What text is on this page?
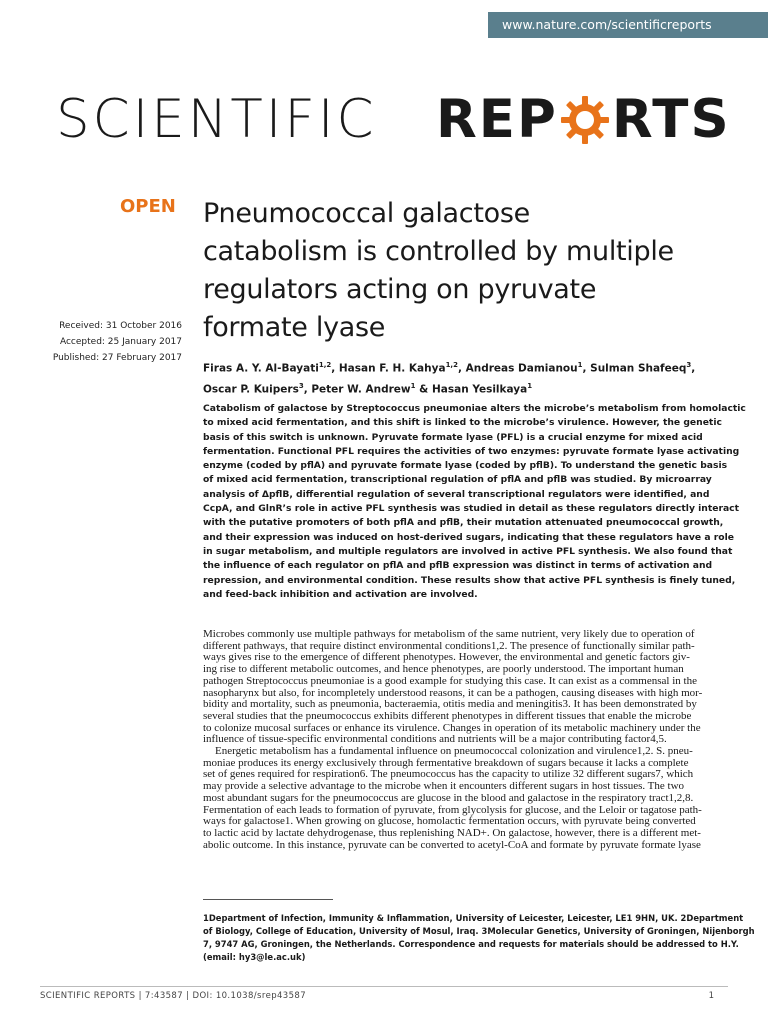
www.nature.com/scientificreports
SCIENTIFIC REP RTS
OPEN Pneumococcal galactose
catabolism is controlled by multiple
regulators acting on pyruvate
formate lyase
Received: 31 October 2016
Accepted: 25 January 2017
Published: 27 February 2017
Firas A. Y. Al-Bayati$^{1,2}$, Hasan F. H. Kahya$^{1,2}$, Andreas Damianou$^1$, Sulman Shafeeq$^3$,
Oscar P. Kuipers$^3$, Peter W. Andrew$^1$ & Hasan Yesilkaya$^1$
Catabolism of galactose by Streptococcus pneumoniae alters the microbe’s metabolism from homolactic
to mixed acid fermentation, and this shift is linked to the microbe’s virulence. However, the genetic
basis of this switch is unknown. Pyruvate formate lyase (PFL) is a crucial enzyme for mixed acid
fermentation. Functional PFL requires the activities of two enzymes: pyruvate formate lyase activating
enzyme (coded by pflA) and pyruvate formate lyase (coded by pflB). To understand the genetic basis
of mixed acid fermentation, transcriptional regulation of pflA and pflB was studied. By microarray
analysis of ΔpflB, differential regulation of several transcriptional regulators were identified, and
CcpA, and GlnR’s role in active PFL synthesis was studied in detail as these regulators directly interact
with the putative promoters of both pflA and pflB, their mutation attenuated pneumococcal growth,
and their expression was induced on host-derived sugars, indicating that these regulators have a role
in sugar metabolism, and multiple regulators are involved in active PFL synthesis. We also found that
the influence of each regulator on pflA and pflB expression was distinct in terms of activation and
repression, and environmental condition. These results show that active PFL synthesis is finely tuned,
and feed-back inhibition and activation are involved.
Microbes commonly use multiple pathways for metabolism of the same nutrient, very likely due to operation of
different pathways, that require distinct environmental conditions1,2. The presence of functionally similar path-
ways gives rise to the emergence of different phenotypes. However, the environmental and genetic factors giv-
ing rise to different metabolic outcomes, and hence phenotypes, are poorly understood. The important human
pathogen Streptococcus pneumoniae is a good example for studying this case. It can exist as a commensal in the
nasopharynx but also, for incompletely understood reasons, it can be a pathogen, causing diseases with high mor-
bidity and mortality, such as pneumonia, bacteraemia, otitis media and meningitis3. It has been demonstrated by
several studies that the pneumococcus exhibits different phenotypes in different tissues that enable the microbe
to colonize mucosal surfaces or enhance its virulence. Changes in operation of its metabolic machinery under the
influence of tissue-specific environmental conditions and nutrients will be a major contributing factor4,5.
Energetic metabolism has a fundamental influence on pneumococcal colonization and virulence1,2. S. pneu-
moniae produces its energy exclusively through fermentative breakdown of sugars because it lacks a complete
set of genes required for respiration6. The pneumococcus has the capacity to utilize 32 different sugars7, which
may provide a selective advantage to the microbe when it encounters different sugars in host tissues. The two
most abundant sugars for the pneumococcus are glucose in the blood and galactose in the respiratory tract1,2,8.
Fermentation of each leads to formation of pyruvate, from glycolysis for glucose, and the Leloir or tagatose path-
ways for galactose1. When growing on glucose, homolactic fermentation occurs, with pyruvate being converted
to lactic acid by lactate dehydrogenase, thus replenishing NAD+. On galactose, however, there is a different met-
abolic outcome. In this instance, pyruvate can be converted to acetyl-CoA and formate by pyruvate formate lyase
1Department of Infection, Immunity & Inflammation, University of Leicester, Leicester, LE1 9HN, UK. 2Department
of Biology, College of Education, University of Mosul, Iraq. 3Molecular Genetics, University of Groningen, Nijenborgh
7, 9747 AG, Groningen, the Netherlands. Correspondence and requests for materials should be addressed to H.Y.
(email: hy3@le.ac.uk)
SCIENTIFIC REPORTS | 7:43587 | DOI: 10.1038/srep43587	1
